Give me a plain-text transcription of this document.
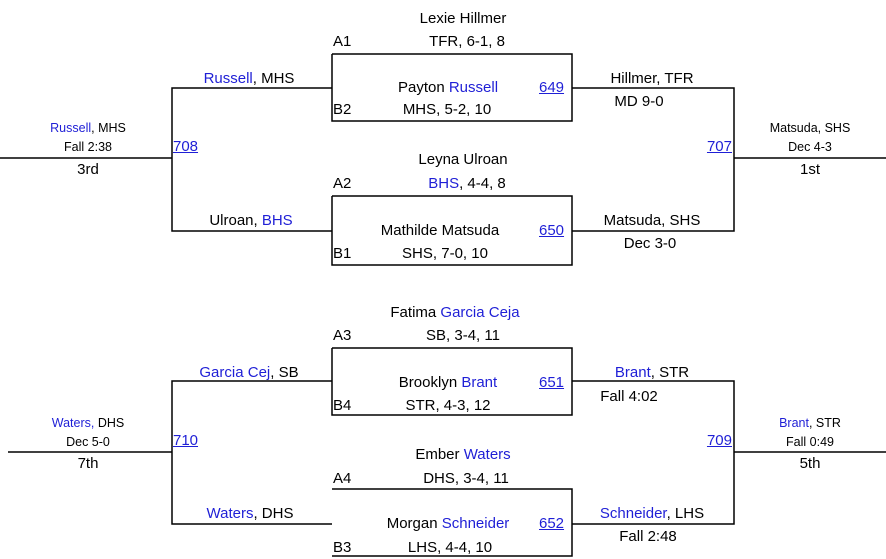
Lexie Hillmer
A1	TFR, 6-1, 8
Payton Russell
B2	MHS, 5-2, 10
649
Leyna Ulroan
A2	BHS, 4-4, 8
Mathilde Matsuda
B1	SHS, 7-0, 10
650
Hillmer, TFR
MD 9-0
Matsuda, SHS
Dec 3-0
Russell, MHS
Ulroan, BHS
708	707
Russell, MHS
Fall 2:38
3rd
Matsuda, SHS
Dec 4-3
1st
Fatima Garcia Ceja
A3	SB, 3-4, 11
Brooklyn Brant
B4	STR, 4-3, 12
651
Ember Waters
A4	DHS, 3-4, 11
Morgan Schneider
B3	LHS, 4-4, 10
652
Brant, STR
Fall 4:02
Schneider, LHS
Fall 2:48
Garcia Cej, SB
Waters, DHS
710	709
Waters, DHS
Dec 5-0
7th
Brant, STR
Fall 0:49
5th
